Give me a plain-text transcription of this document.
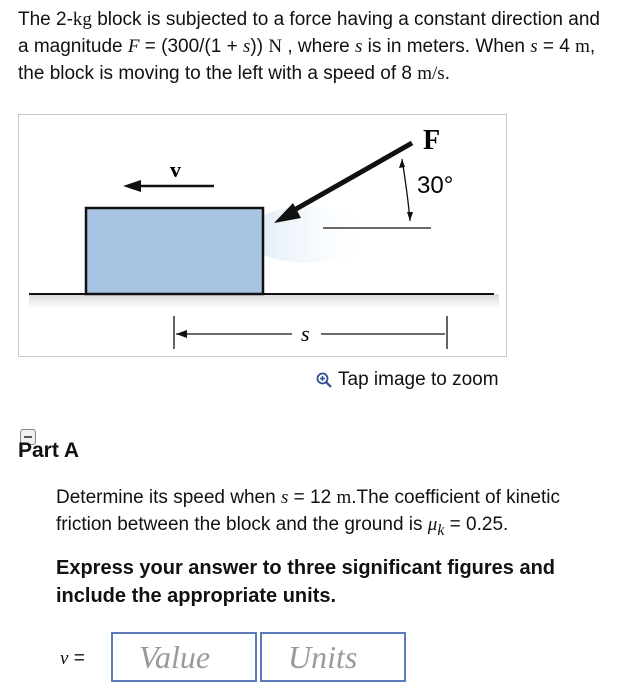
The 2-kg block is subjected to a force having a constant direction and a magnitude F = (300/(1 + s)) N , where s is in meters. When s = 4 m, the block is moving to the left with a speed of 8 m/s.
v
F
30°
s
Tap image to zoom
Part A
Determine its speed when s = 12 m.The coefficient of kinetic friction between the block and the ground is $\mu_k = 0.25$.
Express your answer to three significant figures and include the appropriate units.
v =
Value
Units
